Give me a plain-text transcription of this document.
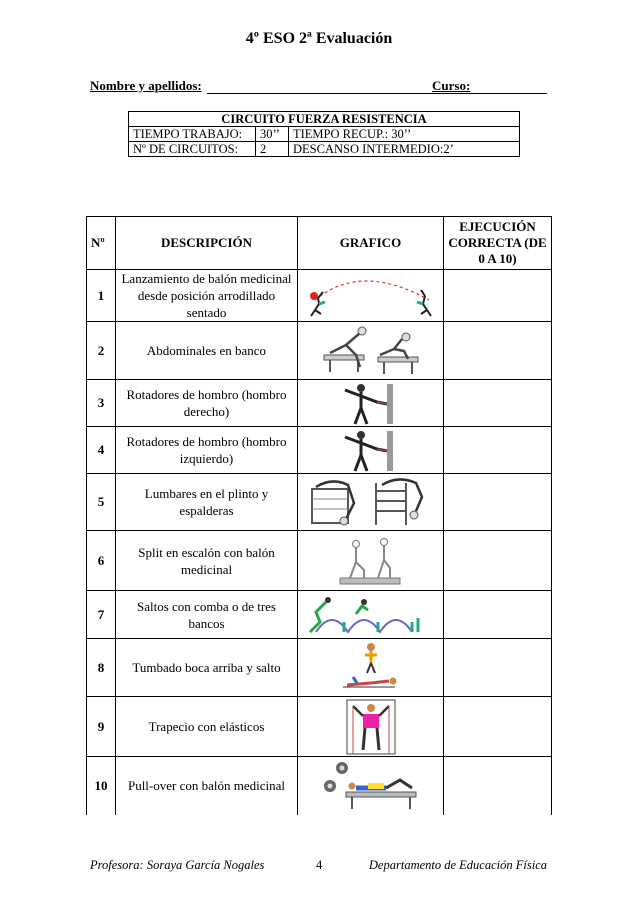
4º ESO 2ª Evaluación
Nombre y apellidos:	Curso:
CIRCUITO FUERZA RESISTENCIA		
TIEMPO TRABAJO:	30’’	TIEMPO RECUP.: 30’’
Nº DE CIRCUITOS:	2	DESCANSO INTERMEDIO:2’
Nº	DESCRIPCIÓN	GRAFICO	EJECUCIÓN CORRECTA (DE 0 A 10)
1	Lanzamiento de balón medicinal desde posición arrodillado sentado	

2	Abdominales en banco	

3	Rotadores de hombro (hombro derecho)	

4	Rotadores de hombro (hombro izquierdo)	

5	Lumbares en el plinto y espalderas	

6	Split en escalón con balón medicinal	

7	Saltos con comba o de tres bancos	

8	Tumbado boca arriba y salto	

9	Trapecio con elásticos	

10	Pull-over con balón medicinal	

Profesora: Soraya García Nogales	4	Departamento de Educación Física
